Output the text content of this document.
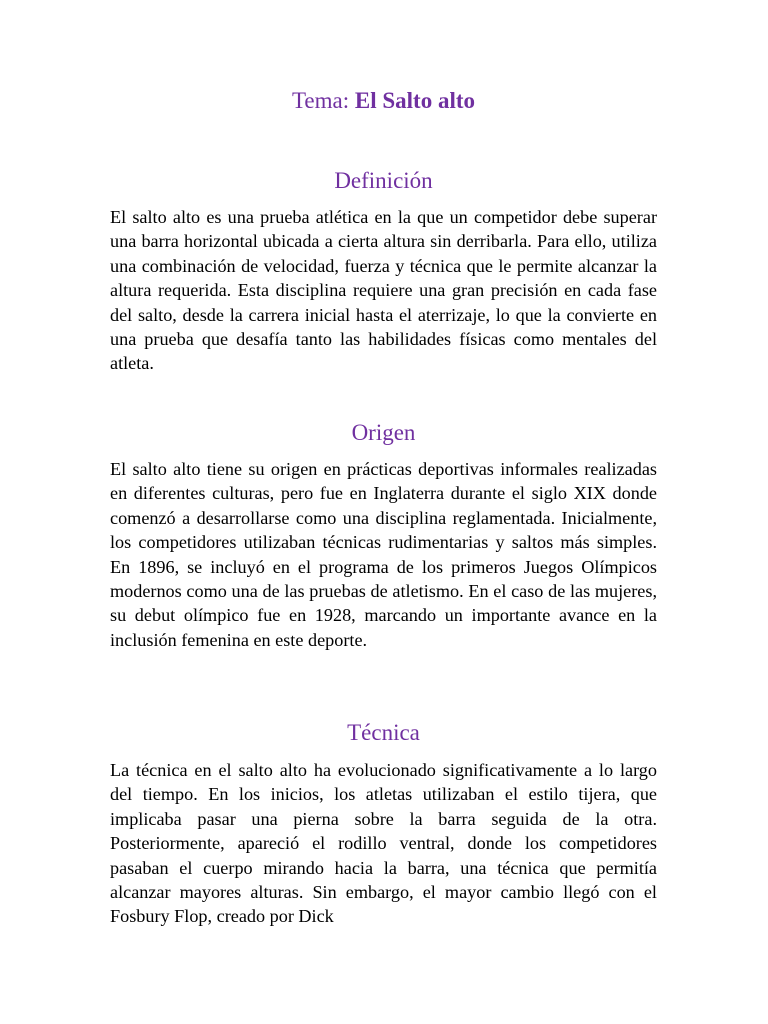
Tema: El Salto alto
Definición

El salto alto es una prueba atlética en la que un competidor debe superar una barra horizontal ubicada a cierta altura sin derribarla. Para ello, utiliza una combinación de velocidad, fuerza y técnica que le permite alcanzar la altura requerida. Esta disciplina requiere una gran precisión en cada fase del salto, desde la carrera inicial hasta el aterrizaje, lo que la convierte en una prueba que desafía tanto las habilidades físicas como mentales del atleta.

Origen

El salto alto tiene su origen en prácticas deportivas informales realizadas en diferentes culturas, pero fue en Inglaterra durante el siglo XIX donde comenzó a desarrollarse como una disciplina reglamentada. Inicialmente, los competidores utilizaban técnicas rudimentarias y saltos más simples. En 1896, se incluyó en el programa de los primeros Juegos Olímpicos modernos como una de las pruebas de atletismo. En el caso de las mujeres, su debut olímpico fue en 1928, marcando un importante avance en la inclusión femenina en este deporte.

Técnica

La técnica en el salto alto ha evolucionado significativamente a lo largo del tiempo. En los inicios, los atletas utilizaban el estilo tijera, que implicaba pasar una pierna sobre la barra seguida de la otra. Posteriormente, apareció el rodillo ventral, donde los competidores pasaban el cuerpo mirando hacia la barra, una técnica que permitía alcanzar mayores alturas. Sin embargo, el mayor cambio llegó con el Fosbury Flop, creado por Dick
